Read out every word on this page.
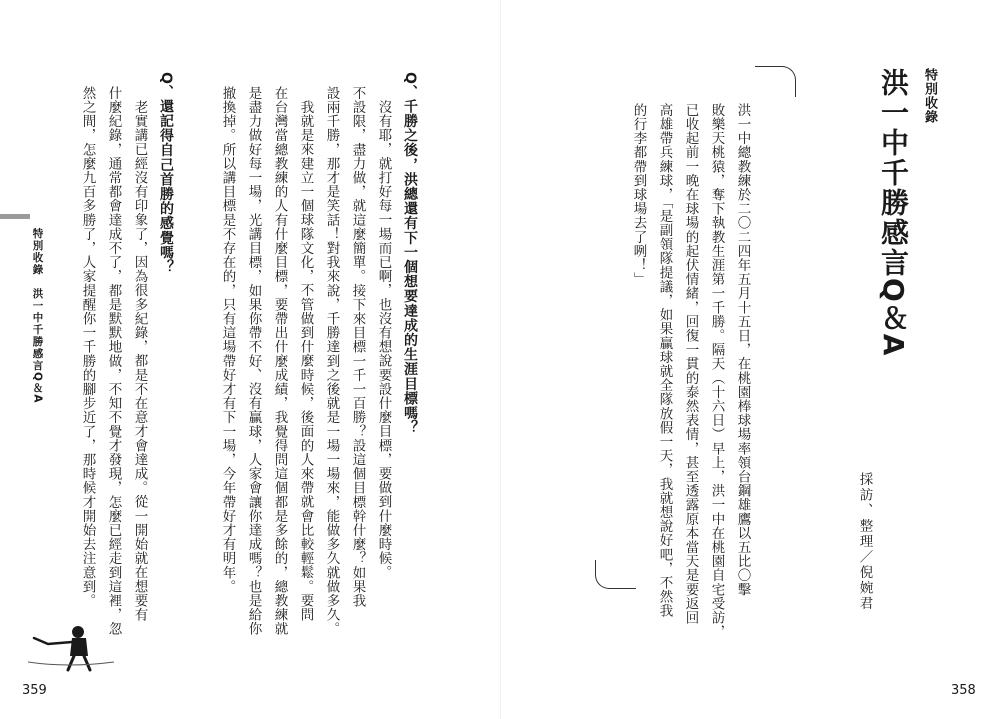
特別收錄
洪一中千勝感言Q＆A
洪一中總教練於二〇二四年五月十五日，在桃園棒球場率領台鋼雄鷹以五比〇擊
敗樂天桃猿，奪下執教生涯第一千勝。隔天（十六日）早上，洪一中在桃園自宅受訪，
已收起前一晚在球場的起伏情緒，回復一貫的泰然表情，甚至透露原本當天是要返回
高雄帶兵練球，「是副領隊提議，如果贏球就全隊放假一天，我就想說好吧，不然我
的行李都帶到球場去了咧！」
採訪、整理／倪婉君
358
特別收錄　洪一中千勝感言Q＆A	Q、千勝之後，洪總還有下一個想要達成的生涯目標嗎？
沒有耶，就打好每一場而已啊，也沒有想說要設什麼目標，要做到什麼時候。
不設限，盡力做，就這麼簡單。接下來目標一千一百勝？設這個目標幹什麼？如果我
設兩千勝，那才是笑話！對我來說，千勝達到之後就是一場一場來，能做多久就做多久。
我就是來建立一個球隊文化，不管做到什麼時候，後面的人來帶就會比較輕鬆。要問
在台灣當總教練的人有什麼目標，要帶出什麼成績，我覺得問這個都是多餘的，總教練就
是盡力做好每一場，光講目標，如果你帶不好、沒有贏球，人家會讓你達成嗎？也是給你
撤換掉。所以講目標是不存在的，只有這場帶好才有下一場，今年帶好才有明年。
Q、還記得自己首勝的感覺嗎？
老實講已經沒有印象了，因為很多紀錄，都是不在意才會達成。從一開始就在想要有
什麼紀錄，通常都會達成不了，都是默默地做，不知不覺才發現，怎麼已經走到這裡，忽
然之間，怎麼九百多勝了，人家提醒你一千勝的腳步近了，那時候才開始去注意到。
359
